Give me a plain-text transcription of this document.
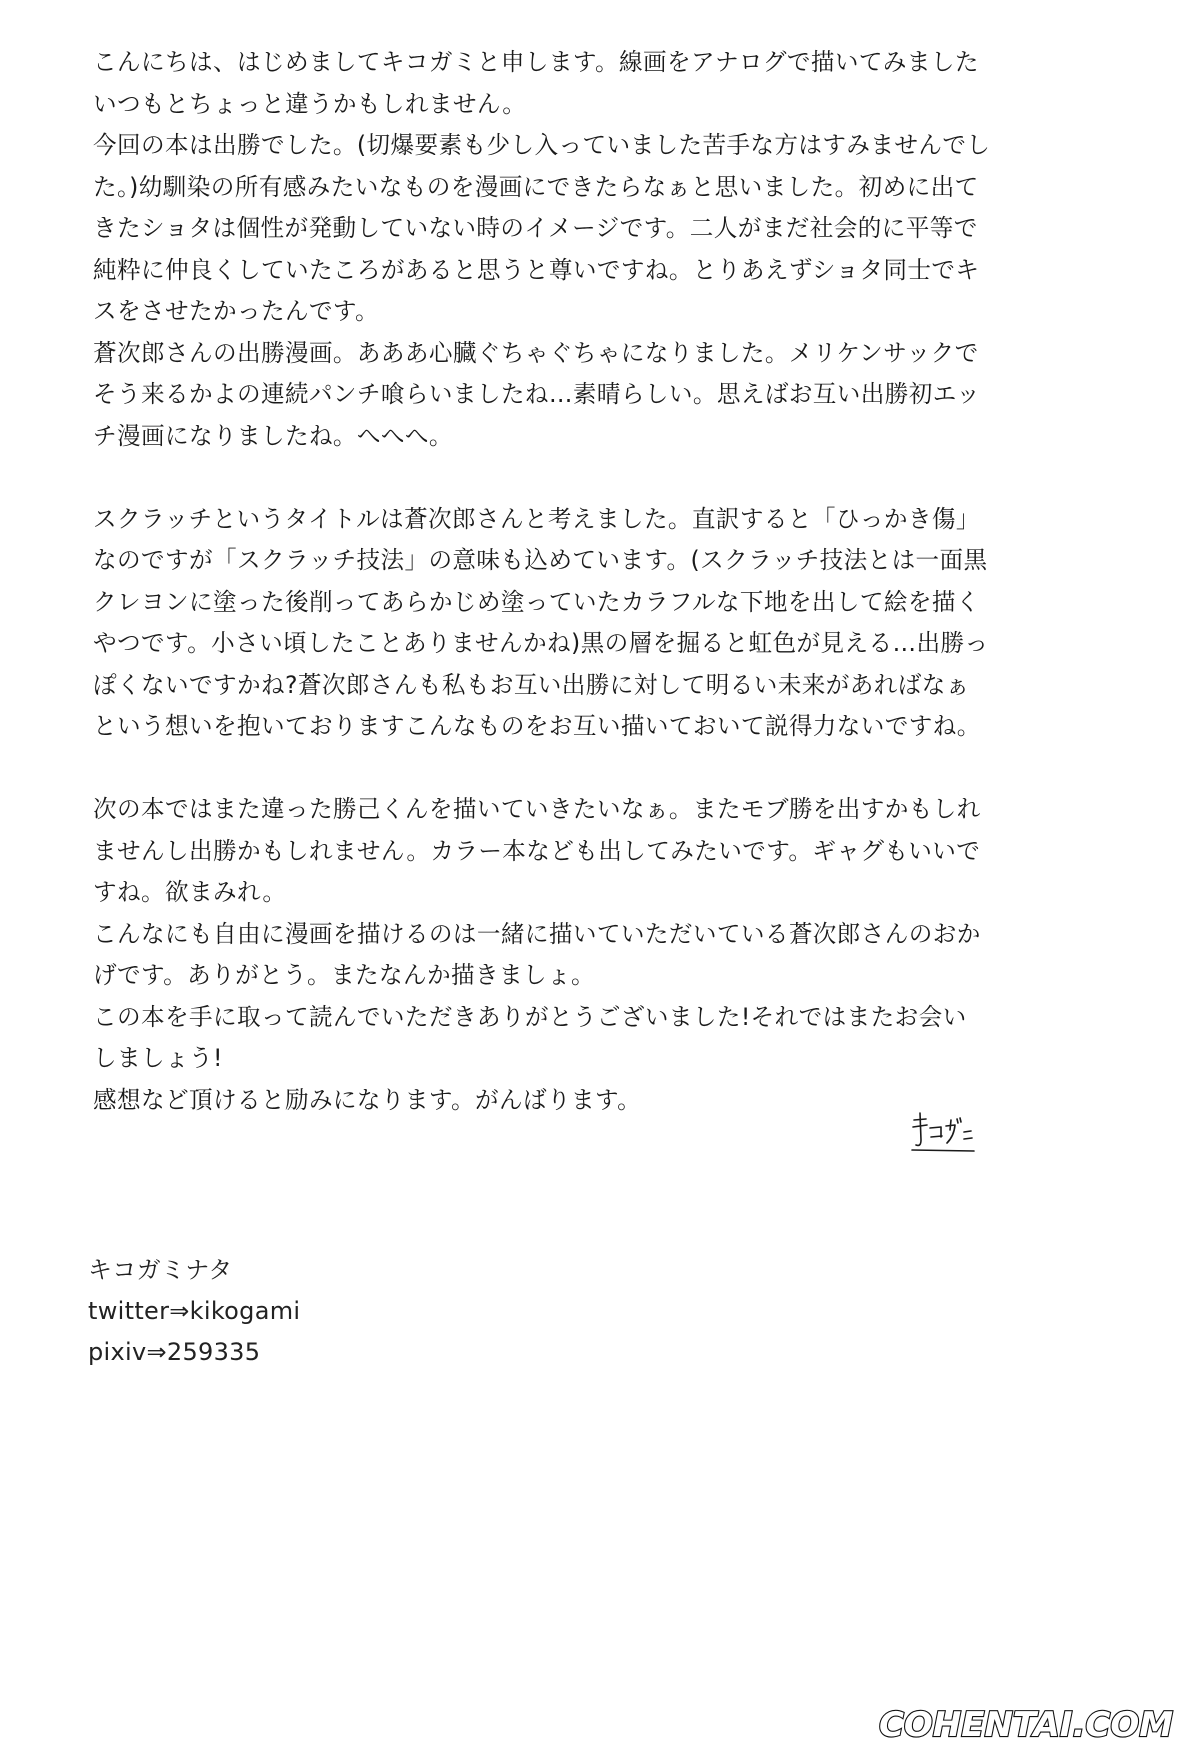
こんにちは、はじめましてキコガミと申します。線画をアナログで描いてみました
いつもとちょっと違うかもしれません。
今回の本は出勝でした。(切爆要素も少し入っていました苦手な方はすみませんでし
た。)幼馴染の所有感みたいなものを漫画にできたらなぁと思いました。初めに出て
きたショタは個性が発動していない時のイメージです。二人がまだ社会的に平等で
純粋に仲良くしていたころがあると思うと尊いですね。とりあえずショタ同士でキ
スをさせたかったんです。
蒼次郎さんの出勝漫画。あああ心臓ぐちゃぐちゃになりました。メリケンサックで
そう来るかよの連続パンチ喰らいましたね…素晴らしい。思えばお互い出勝初エッ
チ漫画になりましたね。へへへ。
スクラッチというタイトルは蒼次郎さんと考えました。直訳すると「ひっかき傷」
なのですが「スクラッチ技法」の意味も込めています。(スクラッチ技法とは一面黒
クレヨンに塗った後削ってあらかじめ塗っていたカラフルな下地を出して絵を描く
やつです。小さい頃したことありませんかね)黒の層を掘ると虹色が見える…出勝っ
ぽくないですかね?蒼次郎さんも私もお互い出勝に対して明るい未来があればなぁ
という想いを抱いておりますこんなものをお互い描いておいて説得力ないですね。
次の本ではまた違った勝己くんを描いていきたいなぁ。またモブ勝を出すかもしれ
ませんし出勝かもしれません。カラー本なども出してみたいです。ギャグもいいで
すね。欲まみれ。
こんなにも自由に漫画を描けるのは一緒に描いていただいている蒼次郎さんのおか
げです。ありがとう。またなんか描きましょ。
この本を手に取って読んでいただきありがとうございました!それではまたお会い
しましょう!
感想など頂けると励みになります。がんばります。
キコガミナタ
twitter⇒kikogami
pixiv⇒259335
COHENTAI.COM
